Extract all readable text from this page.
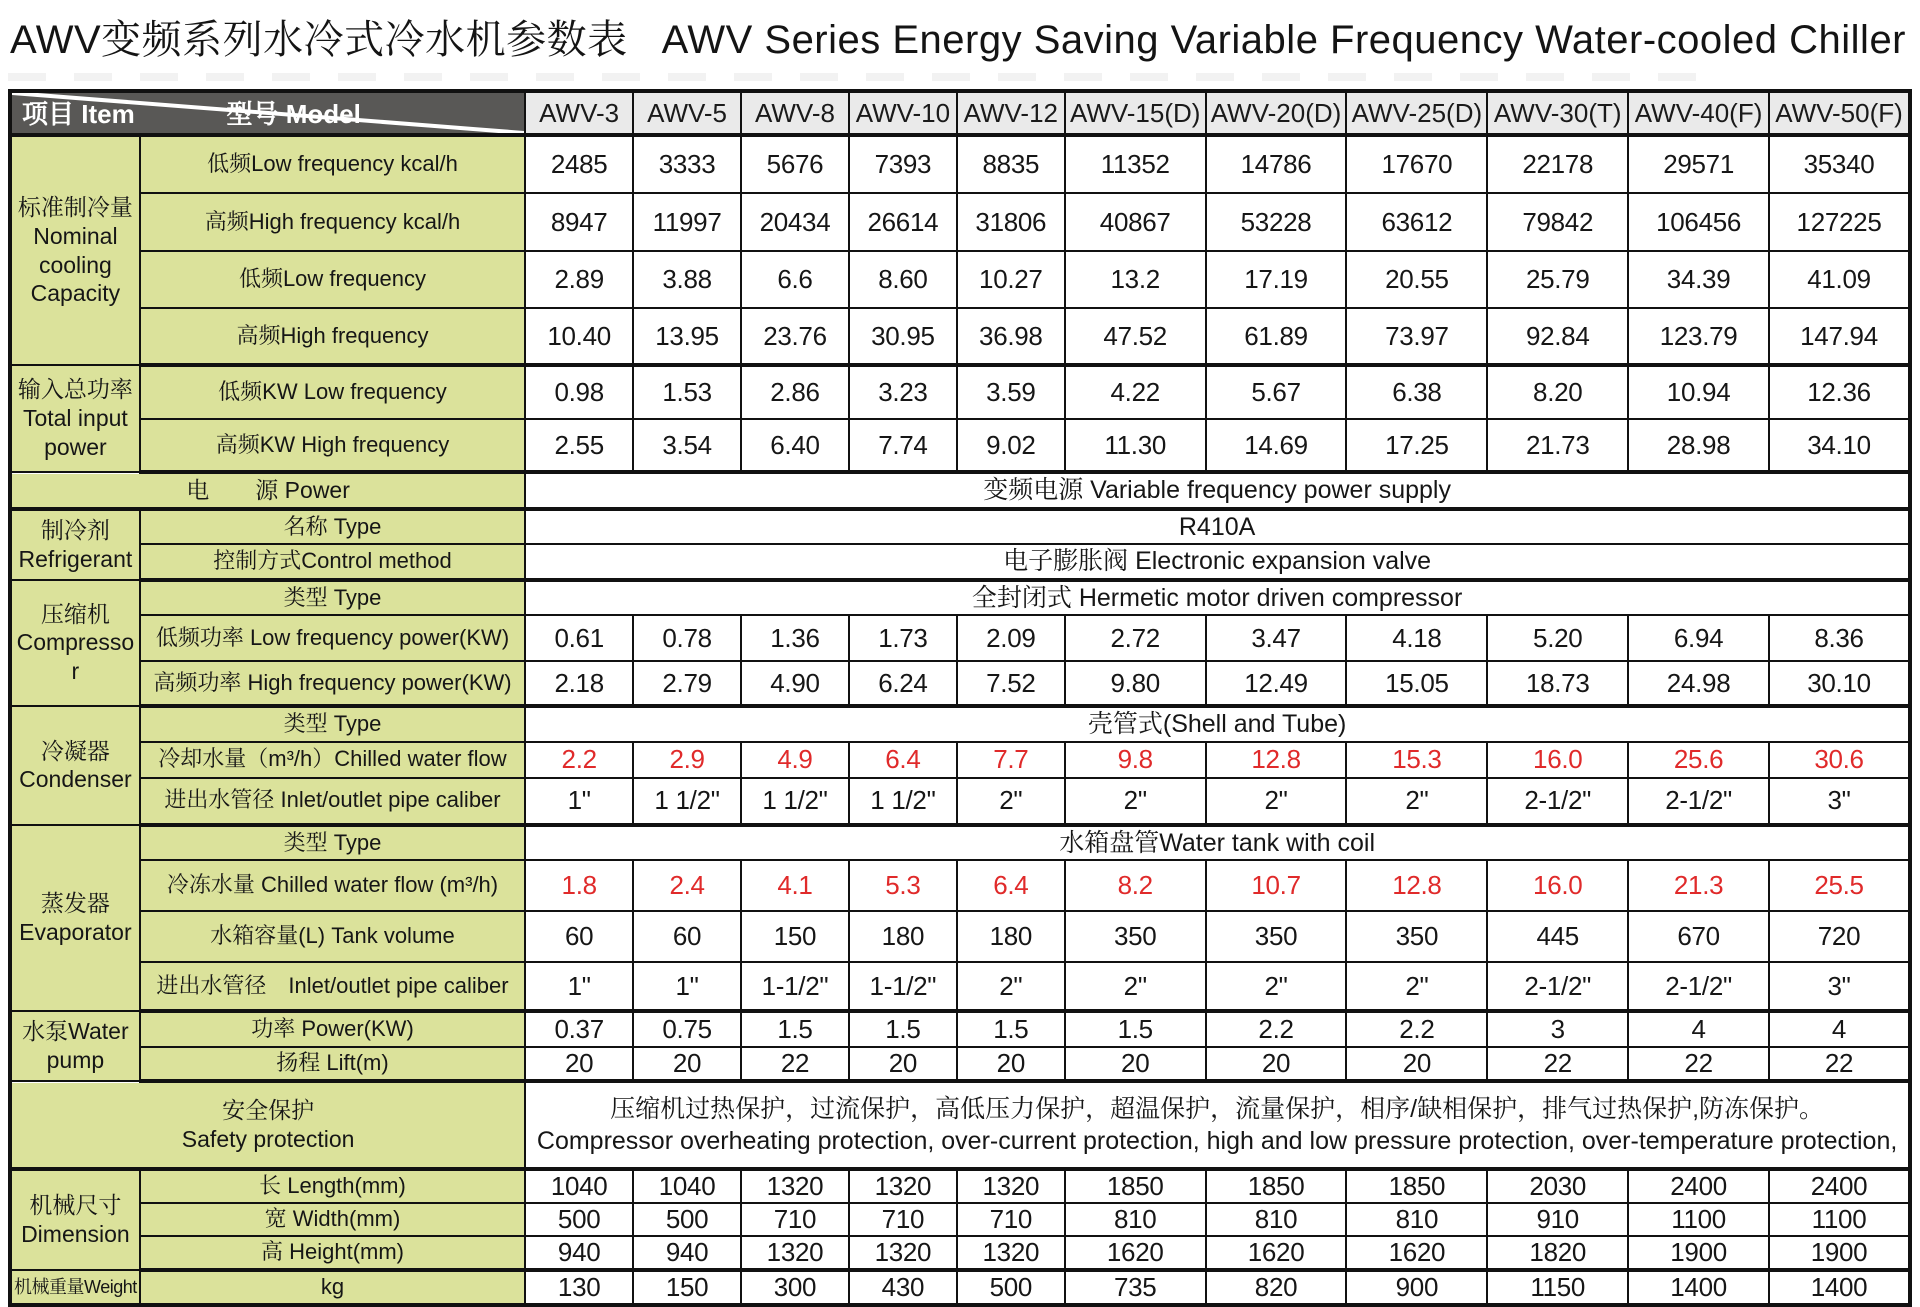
AWV变频系列水冷式冷水机参数表 AWV Series Energy Saving Variable Frequency Water-cooled Chiller
型号 Model
项目 Item		AWV-3	AWV-5	AWV-8	AWV-10	AWV-12	AWV-15(D)	AWV-20(D)	AWV-25(D)	AWV-30(T)	AWV-40(F)	AWV-50(F)
标准制冷量 Nominal cooling Capacity	低频Low frequency kcal/h	2485	3333	5676	7393	8835	11352	14786	17670	22178	29571	35340
	高频High frequency kcal/h	8947	11997	20434	26614	31806	40867	53228	63612	79842	106456	127225
	低频Low frequency	2.89	3.88	6.6	8.60	10.27	13.2	17.19	20.55	25.79	34.39	41.09
	高频High frequency	10.40	13.95	23.76	30.95	36.98	47.52	61.89	73.97	92.84	123.79	147.94
输入总功率 Total input power	低频KW Low frequency	0.98	1.53	2.86	3.23	3.59	4.22	5.67	6.38	8.20	10.94	12.36
	高频KW High frequency	2.55	3.54	6.40	7.74	9.02	11.30	14.69	17.25	21.73	28.98	34.10
电　　源 Power		变频电源 Variable frequency power supply										
制冷剂 Refrigerant	名称 Type	R410A										
	控制方式Control method	电子膨胀阀 Electronic expansion valve										
压缩机 Compressor	类型 Type	全封闭式 Hermetic motor driven compressor										
	低频功率 Low frequency power(KW)	0.61	0.78	1.36	1.73	2.09	2.72	3.47	4.18	5.20	6.94	8.36
	高频功率 High frequency power(KW)	2.18	2.79	4.90	6.24	7.52	9.80	12.49	15.05	18.73	24.98	30.10
冷凝器 Condenser	类型 Type	壳管式(Shell and Tube)										
	冷却水量（m³/h）Chilled water flow	2.2	2.9	4.9	6.4	7.7	9.8	12.8	15.3	16.0	25.6	30.6
	进出水管径 Inlet/outlet pipe caliber	1"	1 1/2"	1 1/2"	1 1/2"	2"	2"	2"	2"	2-1/2"	2-1/2"	3"
蒸发器 Evaporator	类型 Type	水箱盘管Water tank with coil										
	冷冻水量 Chilled water flow (m³/h)	1.8	2.4	4.1	5.3	6.4	8.2	10.7	12.8	16.0	21.3	25.5
	水箱容量(L) Tank volume	60	60	150	180	180	350	350	350	445	670	720
	进出水管径　Inlet/outlet pipe caliber	1"	1"	1-1/2"	1-1/2"	2"	2"	2"	2"	2-1/2"	2-1/2"	3"
水泵Water pump	功率 Power(KW)	0.37	0.75	1.5	1.5	1.5	1.5	2.2	2.2	3	4	4
	扬程 Lift(m)	20	20	22	20	20	20	20	20	22	22	22

安全保护
Safety protection

压缩机过热保护，过流保护，高低压力保护，超温保护，流量保护，相序/缺相保护，排气过热保护,防冻保护。
Compressor overheating protection, over-current protection, high and low pressure protection, over-temperature protection,

机械尺寸 Dimension	长 Length(mm)	1040	1040	1320	1320	1320	1850	1850	1850	2030	2400	2400
	宽 Width(mm)	500	500	710	710	710	810	810	810	910	1100	1100
	高 Height(mm)	940	940	1320	1320	1320	1620	1620	1620	1820	1900	1900
机械重量Weight	kg	130	150	300	430	500	735	820	900	1150	1400	1400
